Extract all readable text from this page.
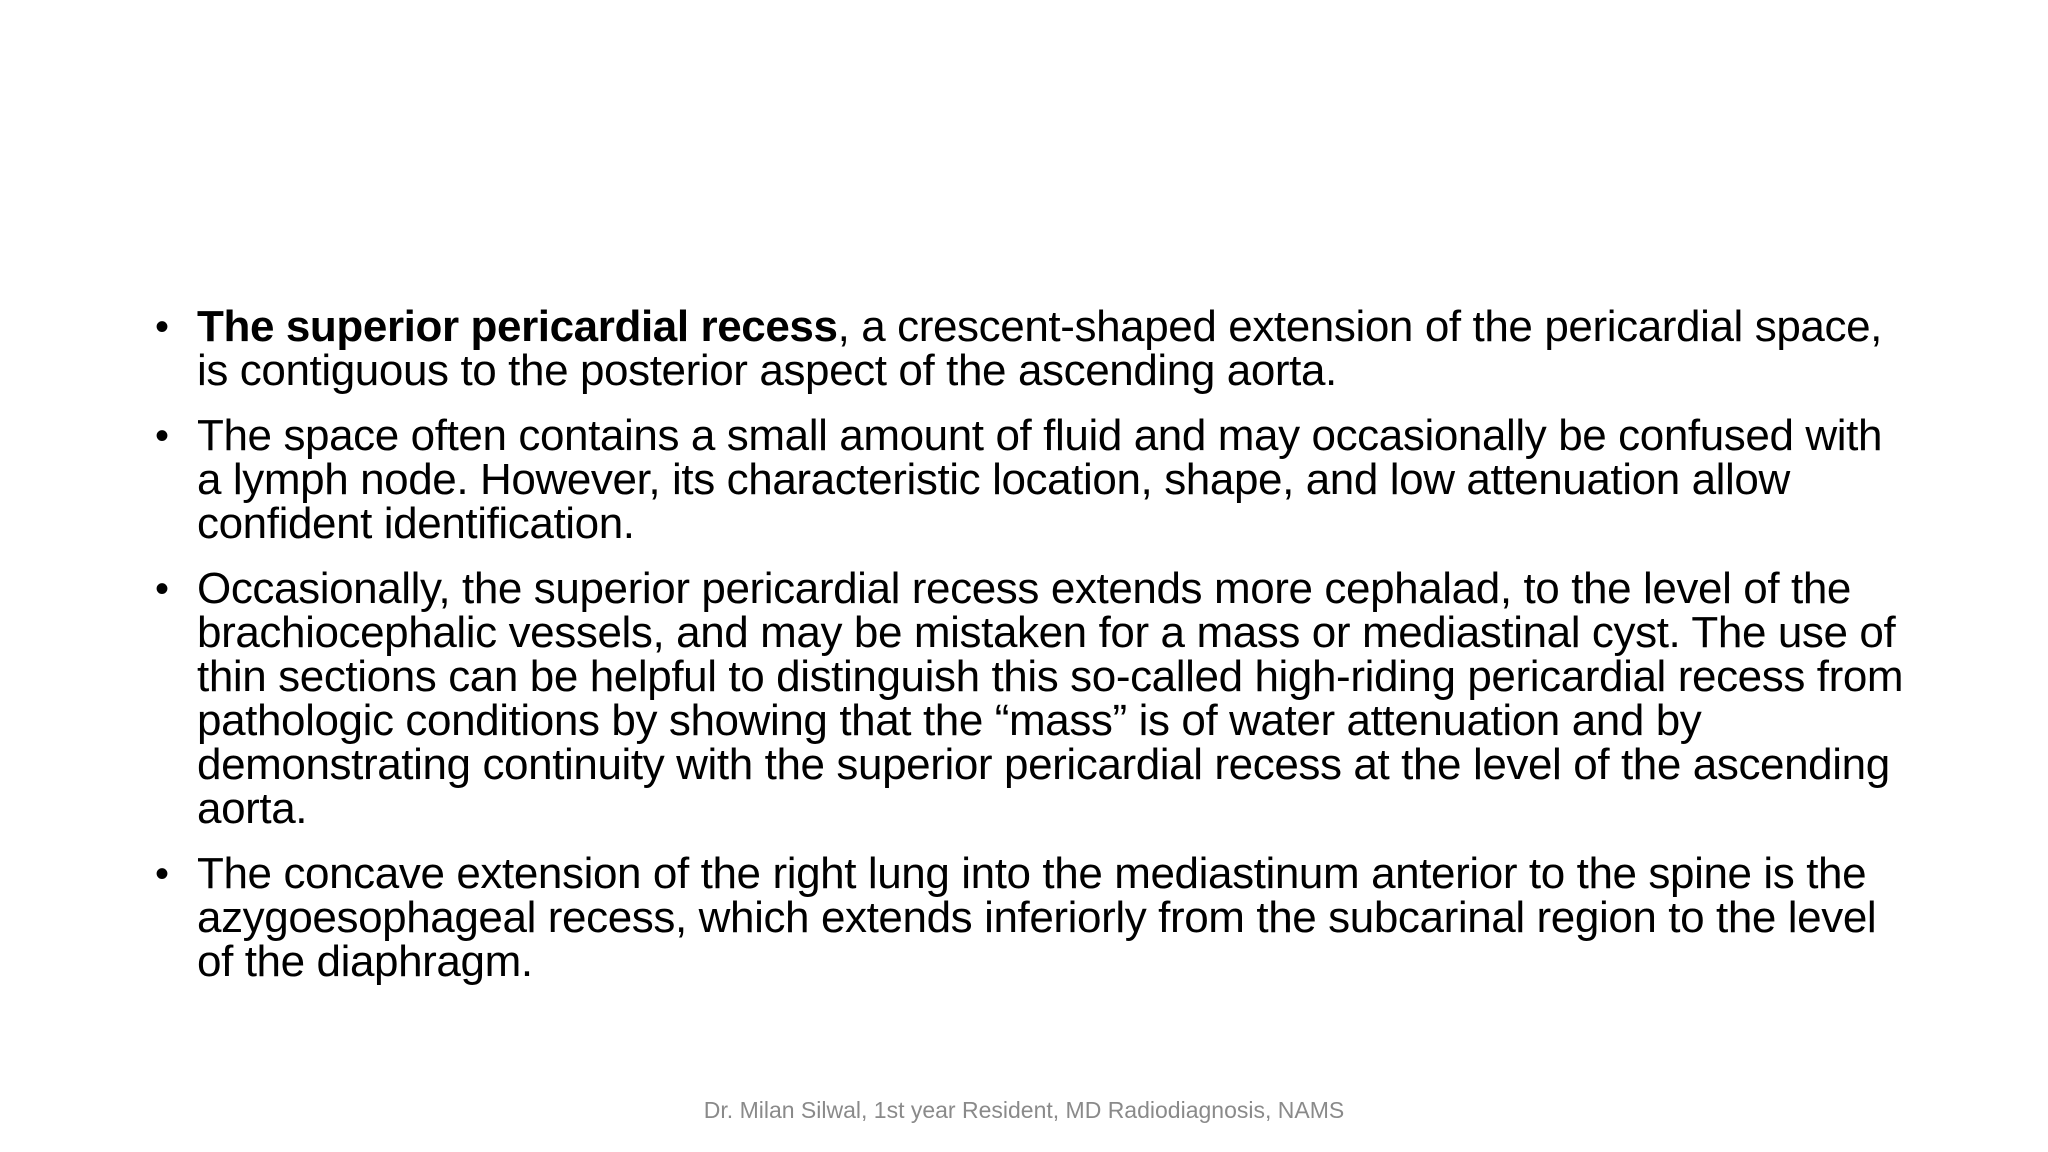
• The superior pericardial recess, a crescent-shaped extension of the pericardial space, is contiguous to the posterior aspect of the ascending aorta.
• The space often contains a small amount of fluid and may occasionally be confused with a lymph node. However, its characteristic location, shape, and low attenuation allow confident identification.
• Occasionally, the superior pericardial recess extends more cephalad, to the level of the brachiocephalic vessels, and may be mistaken for a mass or mediastinal cyst. The use of thin sections can be helpful to distinguish this so-called high-riding pericardial recess from pathologic conditions by showing that the “mass” is of water attenuation and by demonstrating continuity with the superior pericardial recess at the level of the ascending aorta.
• The concave extension of the right lung into the mediastinum anterior to the spine is the azygoesophageal recess, which extends inferiorly from the subcarinal region to the level of the diaphragm.
Dr. Milan Silwal, 1st year Resident, MD Radiodiagnosis, NAMS
